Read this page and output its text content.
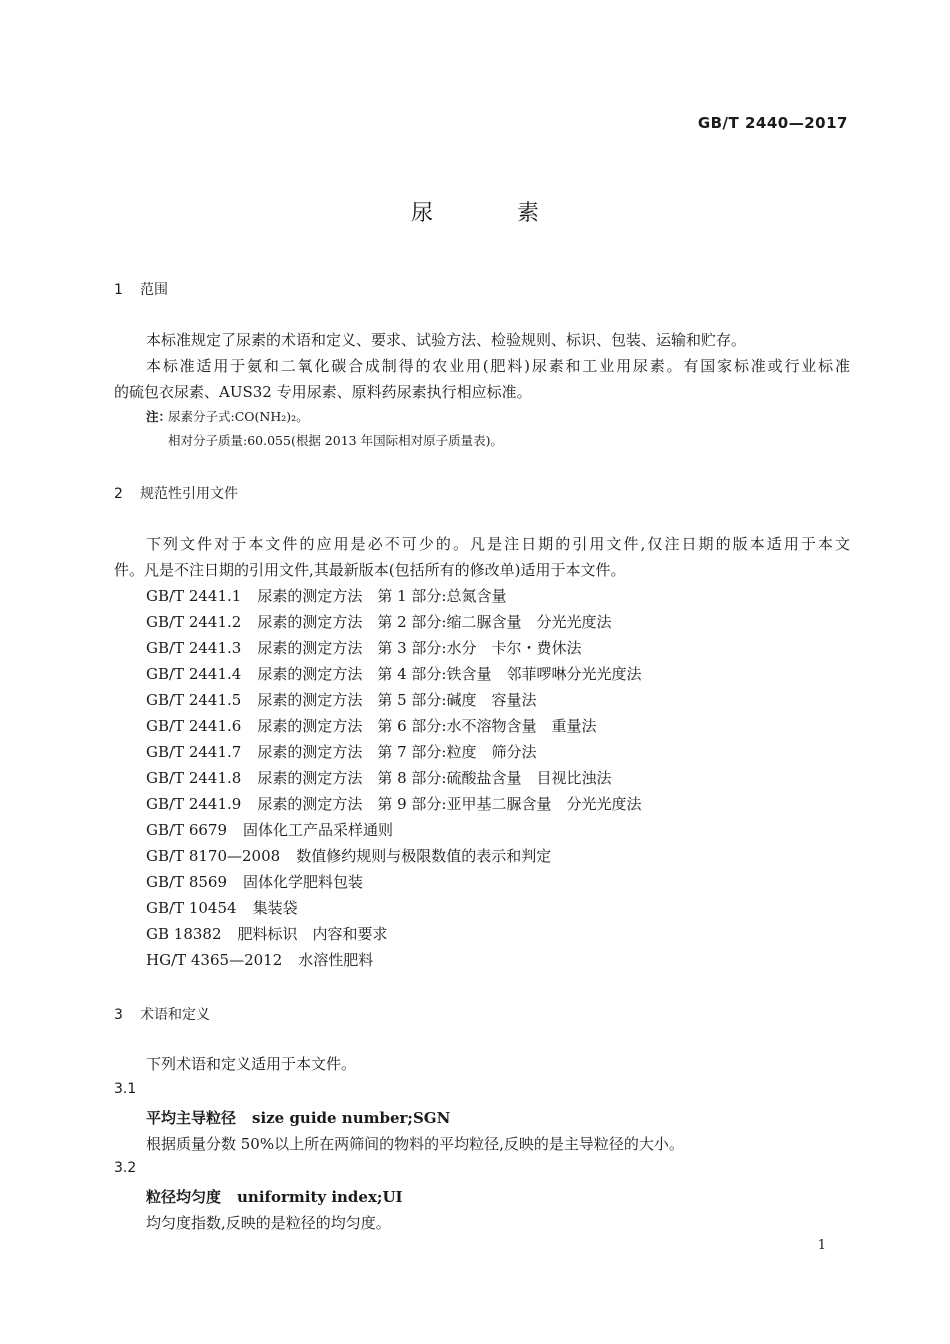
GB/T 2440—2017
尿素
1 范围
本标准规定了尿素的术语和定义、要求、试验方法、检验规则、标识、包装、运输和贮存。
本标准适用于氨和二氧化碳合成制得的农业用(肥料)尿素和工业用尿素。有国家标准或行业标准
的硫包衣尿素、AUS32 专用尿素、原料药尿素执行相应标准。
注：
尿素分子式:CO(NH₂)₂。
相对分子质量:60.055(根据 2013 年国际相对原子质量表)。
2 规范性引用文件
下列文件对于本文件的应用是必不可少的。凡是注日期的引用文件,仅注日期的版本适用于本文
件。凡是不注日期的引用文件,其最新版本(包括所有的修改单)适用于本文件。
GB/T 2441.1 尿素的测定方法　第 1 部分:总氮含量
GB/T 2441.2 尿素的测定方法　第 2 部分:缩二脲含量　分光光度法
GB/T 2441.3 尿素的测定方法　第 3 部分:水分　卡尔・费休法
GB/T 2441.4 尿素的测定方法　第 4 部分:铁含量　邻菲啰啉分光光度法
GB/T 2441.5 尿素的测定方法　第 5 部分:碱度　容量法
GB/T 2441.6 尿素的测定方法　第 6 部分:水不溶物含量　重量法
GB/T 2441.7 尿素的测定方法　第 7 部分:粒度　筛分法
GB/T 2441.8 尿素的测定方法　第 8 部分:硫酸盐含量　目视比浊法
GB/T 2441.9 尿素的测定方法　第 9 部分:亚甲基二脲含量　分光光度法
GB/T 6679 固体化工产品采样通则
GB/T 8170—2008 数值修约规则与极限数值的表示和判定
GB/T 8569 固体化学肥料包装
GB/T 10454 集装袋
GB 18382 肥料标识　内容和要求
HG/T 4365—2012 水溶性肥料
3 术语和定义
下列术语和定义适用于本文件。
3.1
平均主导粒径 size guide number;SGN
根据质量分数 50%以上所在两筛间的物料的平均粒径,反映的是主导粒径的大小。
3.2
粒径均匀度 uniformity index;UI
均匀度指数,反映的是粒径的均匀度。
1
